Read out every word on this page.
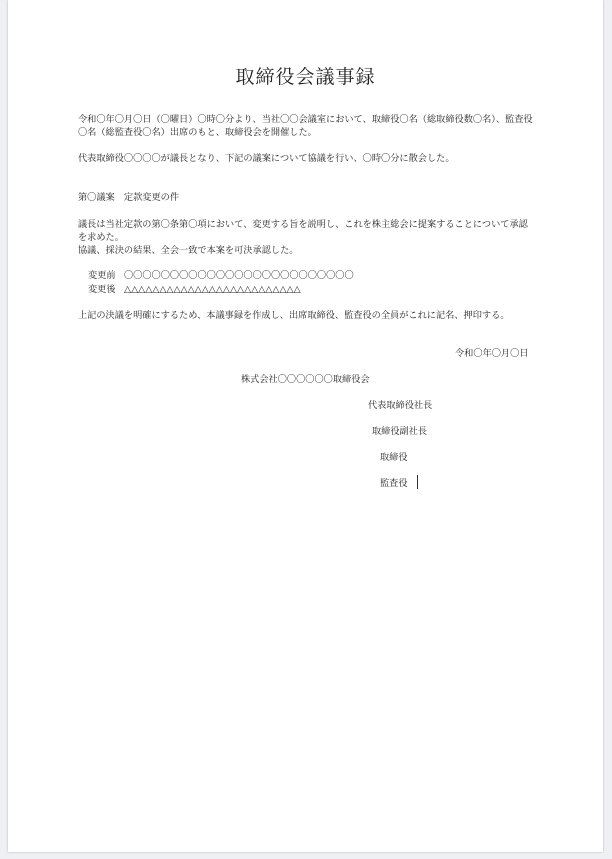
取締役会議事録
令和〇年〇月〇日（〇曜日）〇時〇分より、当社〇〇会議室において、取締役〇名（総取締役数〇名）、監査役〇名（総監査役〇名）出席のもと、取締役会を開催した。
代表取締役〇〇〇〇が議長となり、下記の議案について協議を行い、〇時〇分に散会した。
第〇議案　定款変更の件
議長は当社定款の第〇条第〇項において、変更する旨を説明し、これを株主総会に提案することについて承認を求めた。
協議、採決の結果、全会一致で本案を可決承認した。
変更前 〇〇〇〇〇〇〇〇〇〇〇〇〇〇〇〇〇〇〇〇〇〇〇〇〇
変更後 △△△△△△△△△△△△△△△△△△△△△△△△△
上記の決議を明確にするため、本議事録を作成し、出席取締役、監査役の全員がこれに記名、押印する。
令和〇年〇月〇日
株式会社〇〇〇〇〇〇取締役会
代表取締役社長
取締役副社長
取締役
監査役
